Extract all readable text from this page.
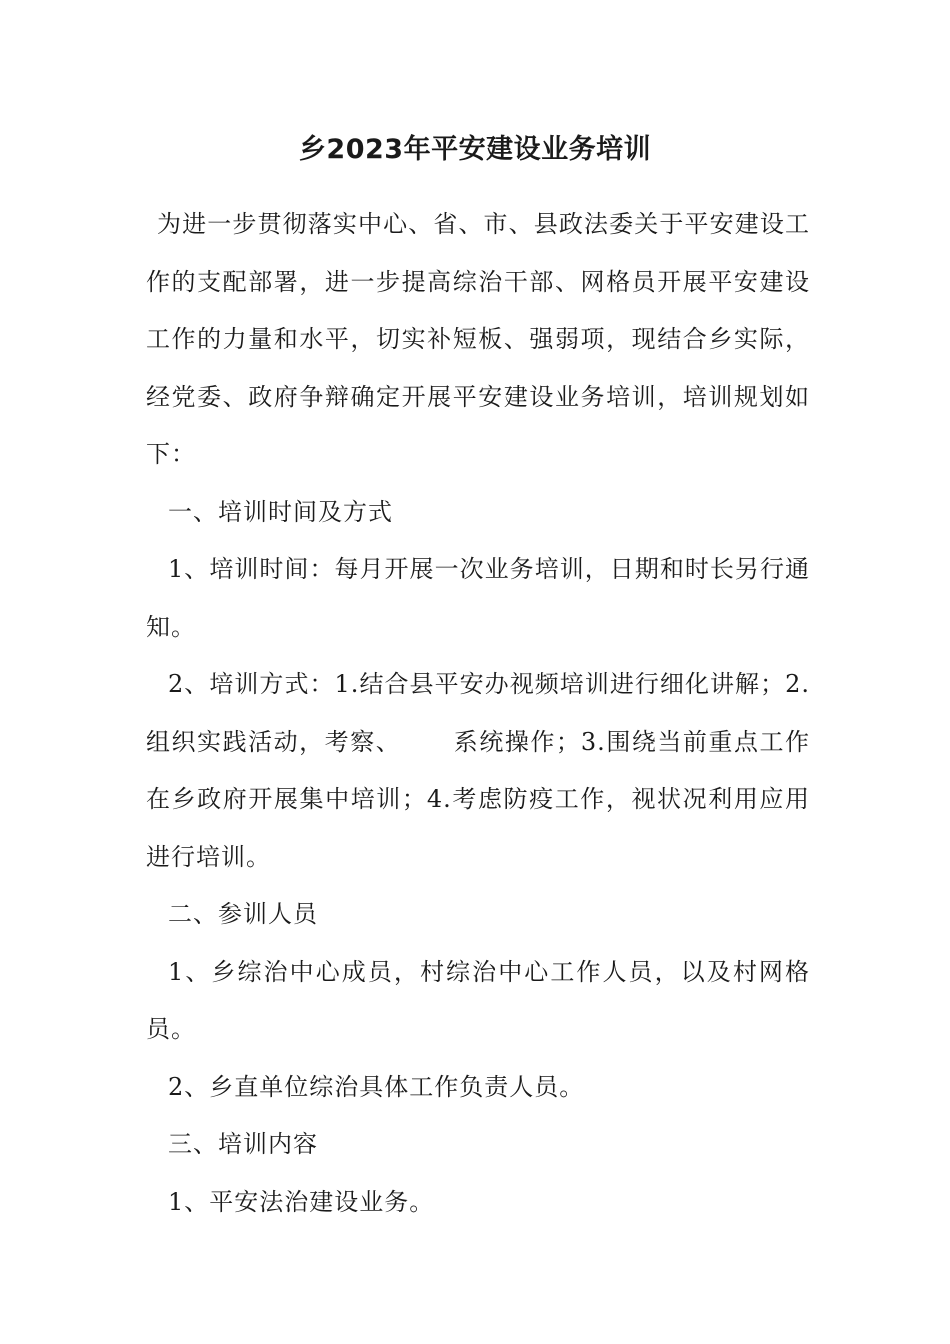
乡2023年平安建设业务培训

为进一步贯彻落实中心、省、市、县政法委关于平安建设工作的支配部署，进一步提高综治干部、网格员开展平安建设工作的力量和水平，切实补短板、强弱项，现结合乡实际，经党委、政府争辩确定开展平安建设业务培训，培训规划如下：

一、培训时间及方式

1、培训时间：每月开展一次业务培训，日期和时长另行通知。

2、培训方式：1.结合县平安办视频培训进行细化讲解；2.组织实践活动，考察、 系统操作；3.围绕当前重点工作在乡政府开展集中培训；4.考虑防疫工作，视状况利用应用进行培训。

二、参训人员

1、乡综治中心成员，村综治中心工作人员，以及村网格员。

2、乡直单位综治具体工作负责人员。

三、培训内容

1、平安法治建设业务。
